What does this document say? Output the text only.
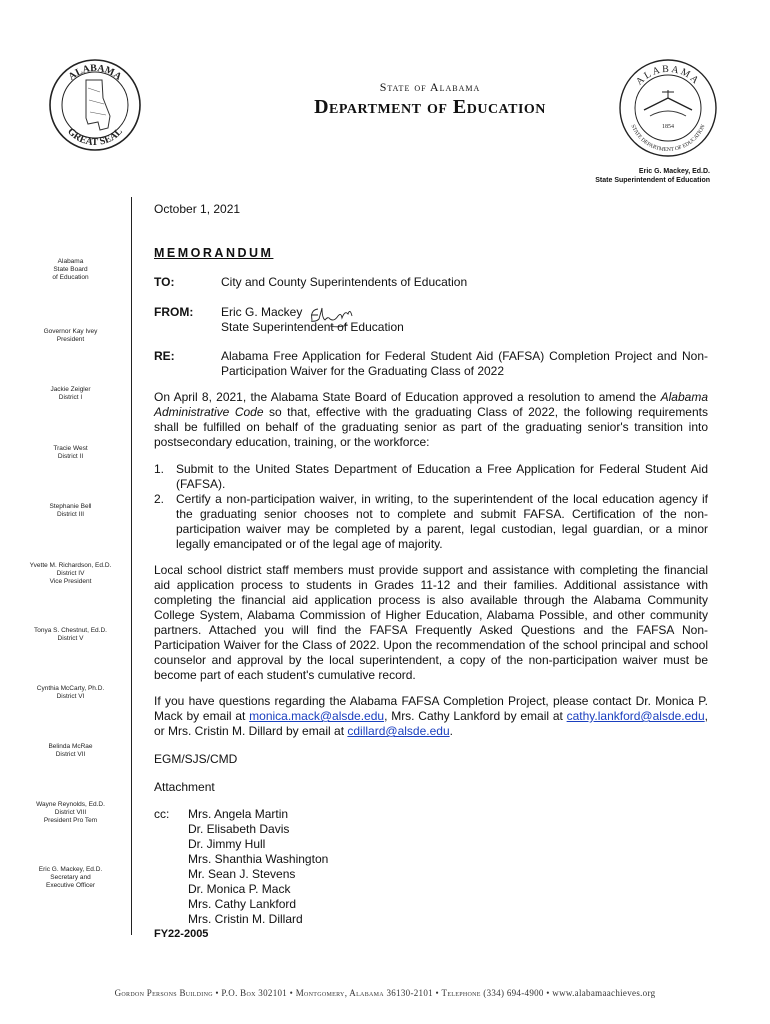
ALABAMA
GREAT SEAL
State of Alabama
Department of Education
ALABAMA
STATE DEPARTMENT OF EDUCATION
1854
Eric G. Mackey, Ed.D.
State Superintendent of Education
Alabama
State Board
of Education
Governor Kay Ivey
President
Jackie Zeigler
District I
Tracie West
District II
Stephanie Bell
District III
Yvette M. Richardson, Ed.D.
District IV
Vice President
Tonya S. Chestnut, Ed.D.
District V
Cynthia McCarty, Ph.D.
District VI
Belinda McRae
District VII
Wayne Reynolds, Ed.D.
District VIII
President Pro Tem
Eric G. Mackey, Ed.D.
Secretary and
Executive Officer
October 1, 2021
MEMORANDUM
TO:	City and County Superintendents of Education
FROM: Eric G. Mackey
State Superintendent of Education
RE:	Alabama Free Application for Federal Student Aid (FAFSA) Completion Project and Non-Participation Waiver for the Graduating Class of 2022
On April 8, 2021, the Alabama State Board of Education approved a resolution to amend the Alabama Administrative Code so that, effective with the graduating Class of 2022, the following requirements shall be fulfilled on behalf of the graduating senior as part of the graduating senior's transition into postsecondary education, training, or the workforce:
1. Submit to the United States Department of Education a Free Application for Federal Student Aid (FAFSA).
2. Certify a non-participation waiver, in writing, to the superintendent of the local education agency if the graduating senior chooses not to complete and submit FAFSA. Certification of the non-participation waiver may be completed by a parent, legal custodian, legal guardian, or a minor legally emancipated or of the legal age of majority.
Local school district staff members must provide support and assistance with completing the financial aid application process to students in Grades 11-12 and their families. Additional assistance with completing the financial aid application process is also available through the Alabama Community College System, Alabama Commission of Higher Education, Alabama Possible, and other community partners. Attached you will find the FAFSA Frequently Asked Questions and the FAFSA Non-Participation Waiver for the Class of 2022. Upon the recommendation of the school principal and school counselor and approval by the local superintendent, a copy of the non-participation waiver must be become part of each student's cumulative record.
If you have questions regarding the Alabama FAFSA Completion Project, please contact Dr. Monica P. Mack by email at monica.mack@alsde.edu, Mrs. Cathy Lankford by email at cathy.lankford@alsde.edu, or Mrs. Cristin M. Dillard by email at cdillard@alsde.edu.
EGM/SJS/CMD
Attachment
cc: Mrs. Angela Martin
Dr. Elisabeth Davis
Dr. Jimmy Hull
Mrs. Shanthia Washington
Mr. Sean J. Stevens
Dr. Monica P. Mack
Mrs. Cathy Lankford
Mrs. Cristin M. Dillard
FY22-2005
Gordon Persons Building • P.O. Box 302101 • Montgomery, Alabama 36130-2101 • Telephone (334) 694-4900 • www.alabamaachieves.org
